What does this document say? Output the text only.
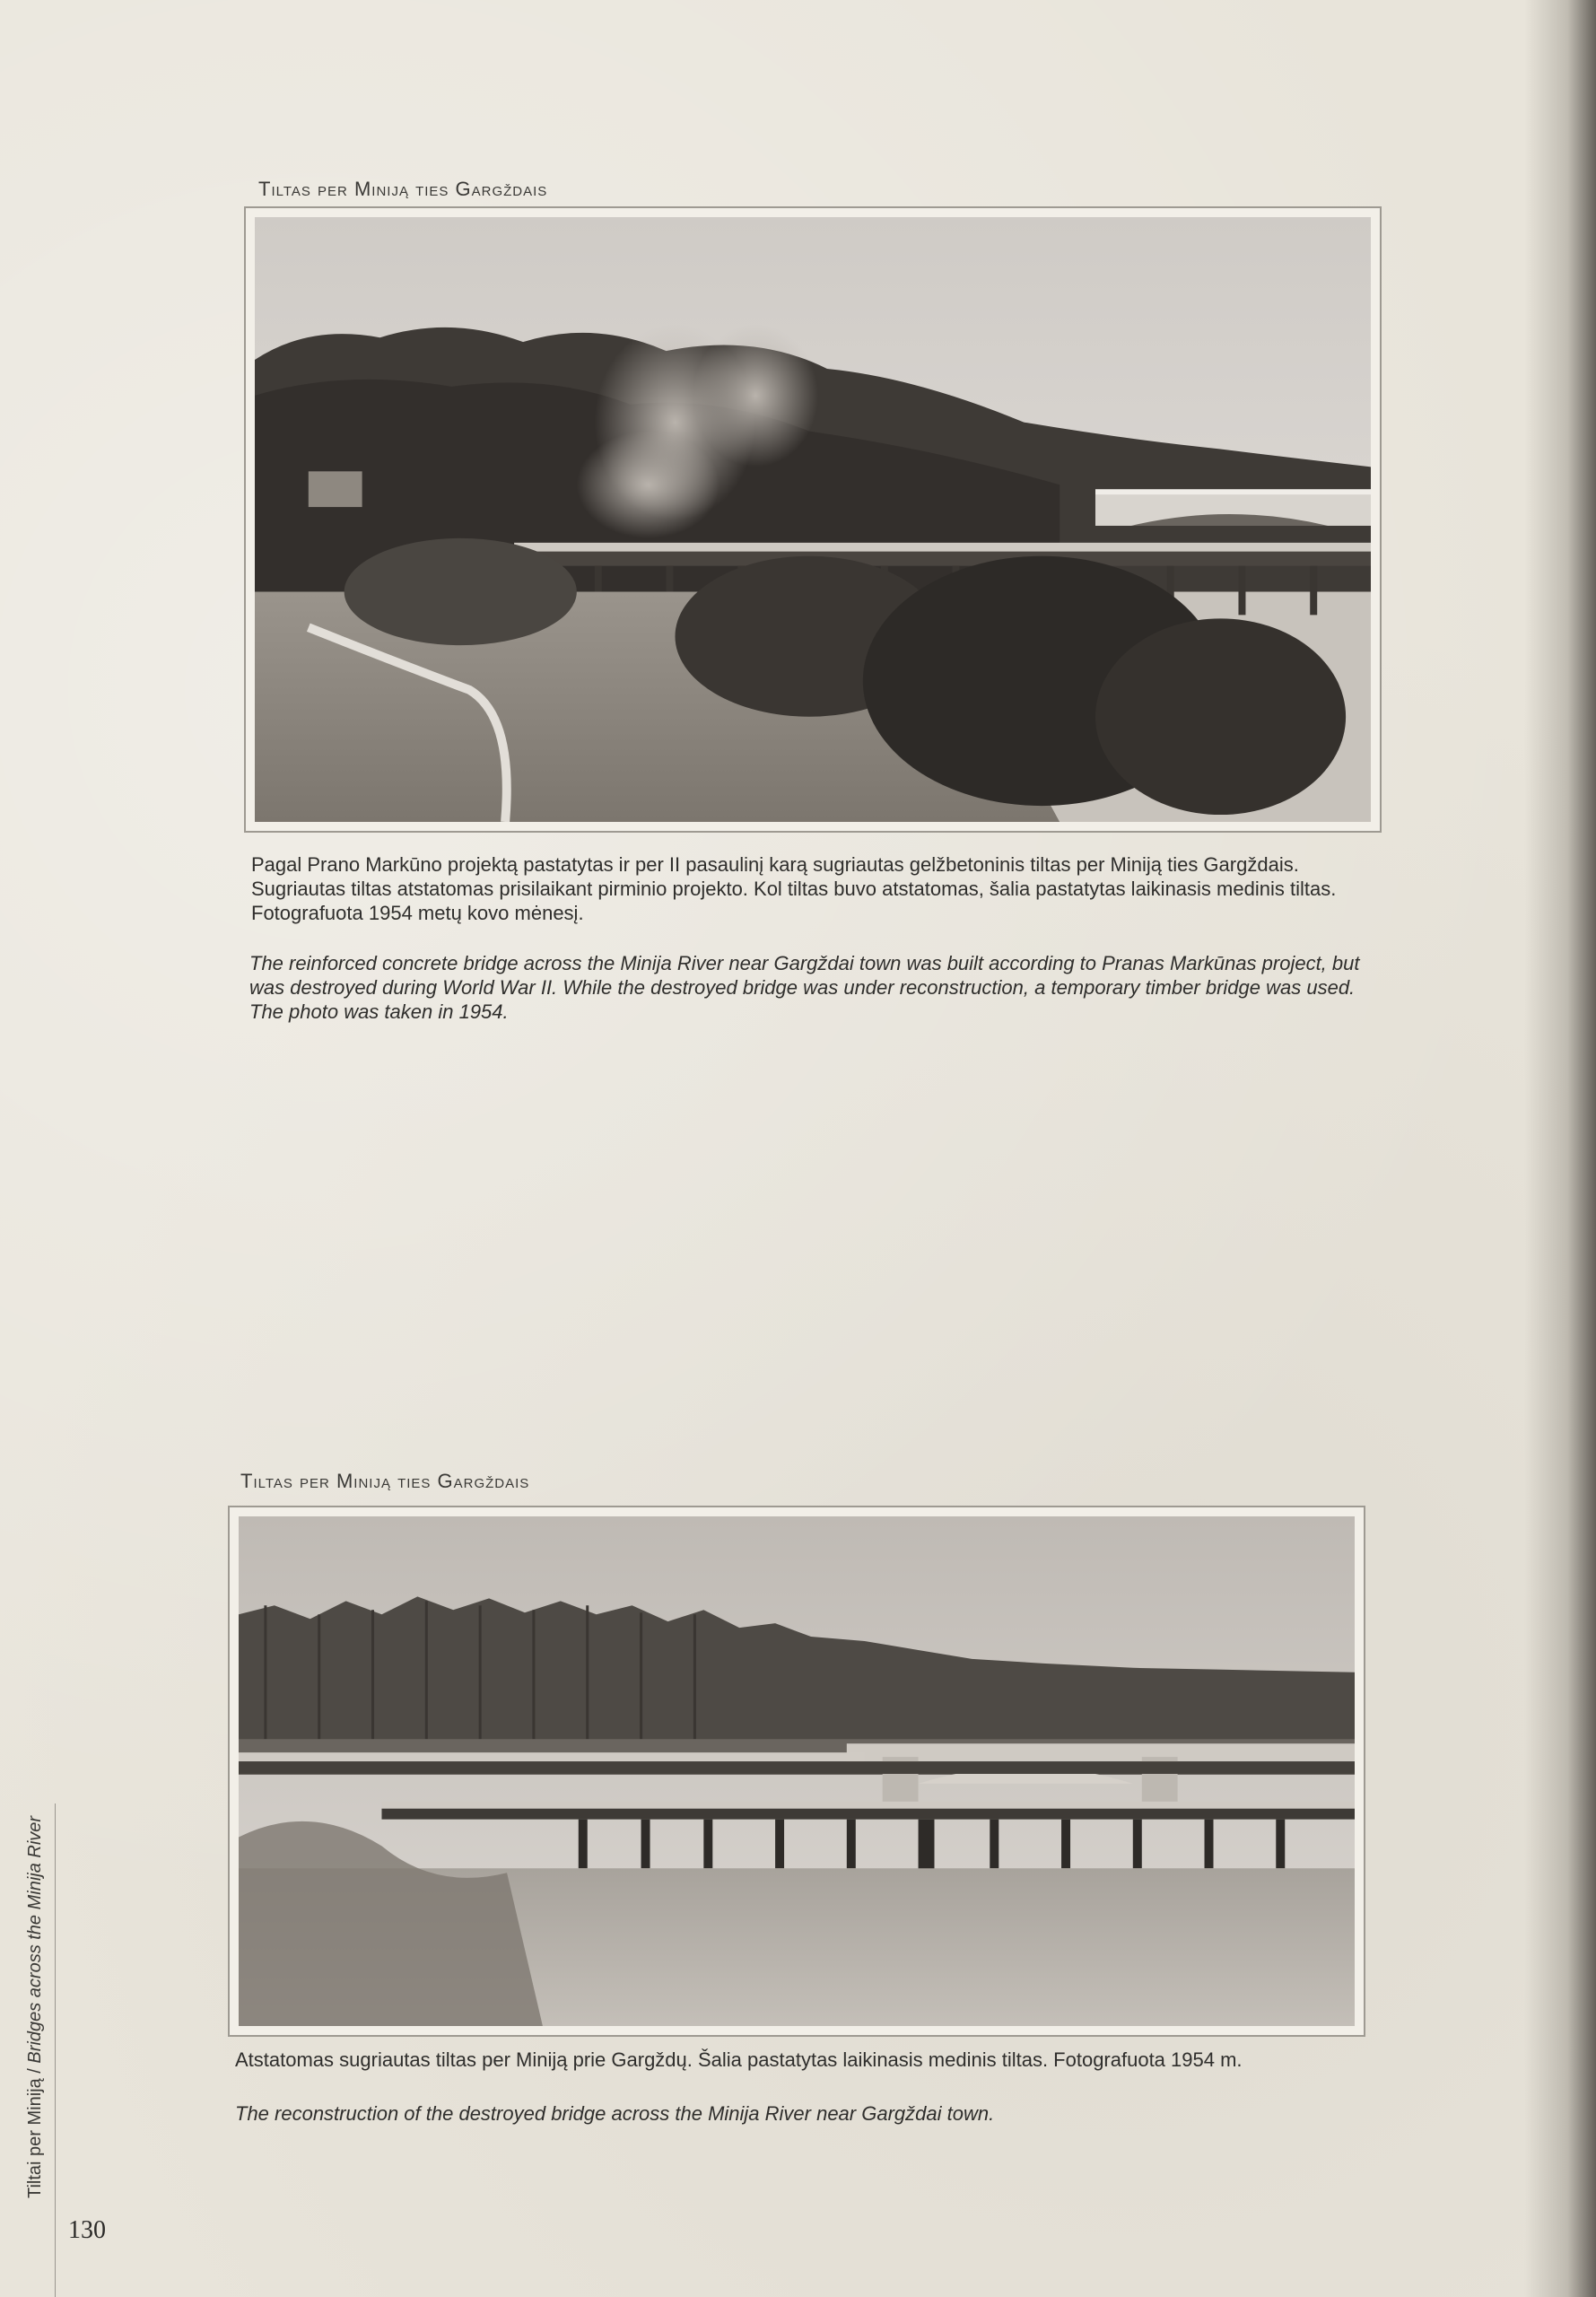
Tiltas per Miniją ties Gargždais
Pagal Prano Markūno projektą pastatytas ir per II pasaulinį karą sugriautas gelžbetoninis tiltas per Miniją ties Gargždais. Sugriautas tiltas atstatomas prisilaikant pirminio projekto. Kol tiltas buvo atstatomas, šalia pastatytas laikinasis medinis tiltas. Fotografuota 1954 metų kovo mėnesį.
The reinforced concrete bridge across the Minija River near Gargždai town was built according to Pranas Markūnas project, but was destroyed during World War II. While the destroyed bridge was under reconstruction, a temporary timber bridge was used. The photo was taken in 1954.
Tiltas per Miniją ties Gargždais
Atstatomas sugriautas tiltas per Miniją prie Gargždų. Šalia pastatytas laikinasis medinis tiltas. Fotografuota 1954 m.
The reconstruction of the destroyed bridge across the Minija River near Gargždai town.
Tiltai per Miniją / Bridges across the Minija River
130
